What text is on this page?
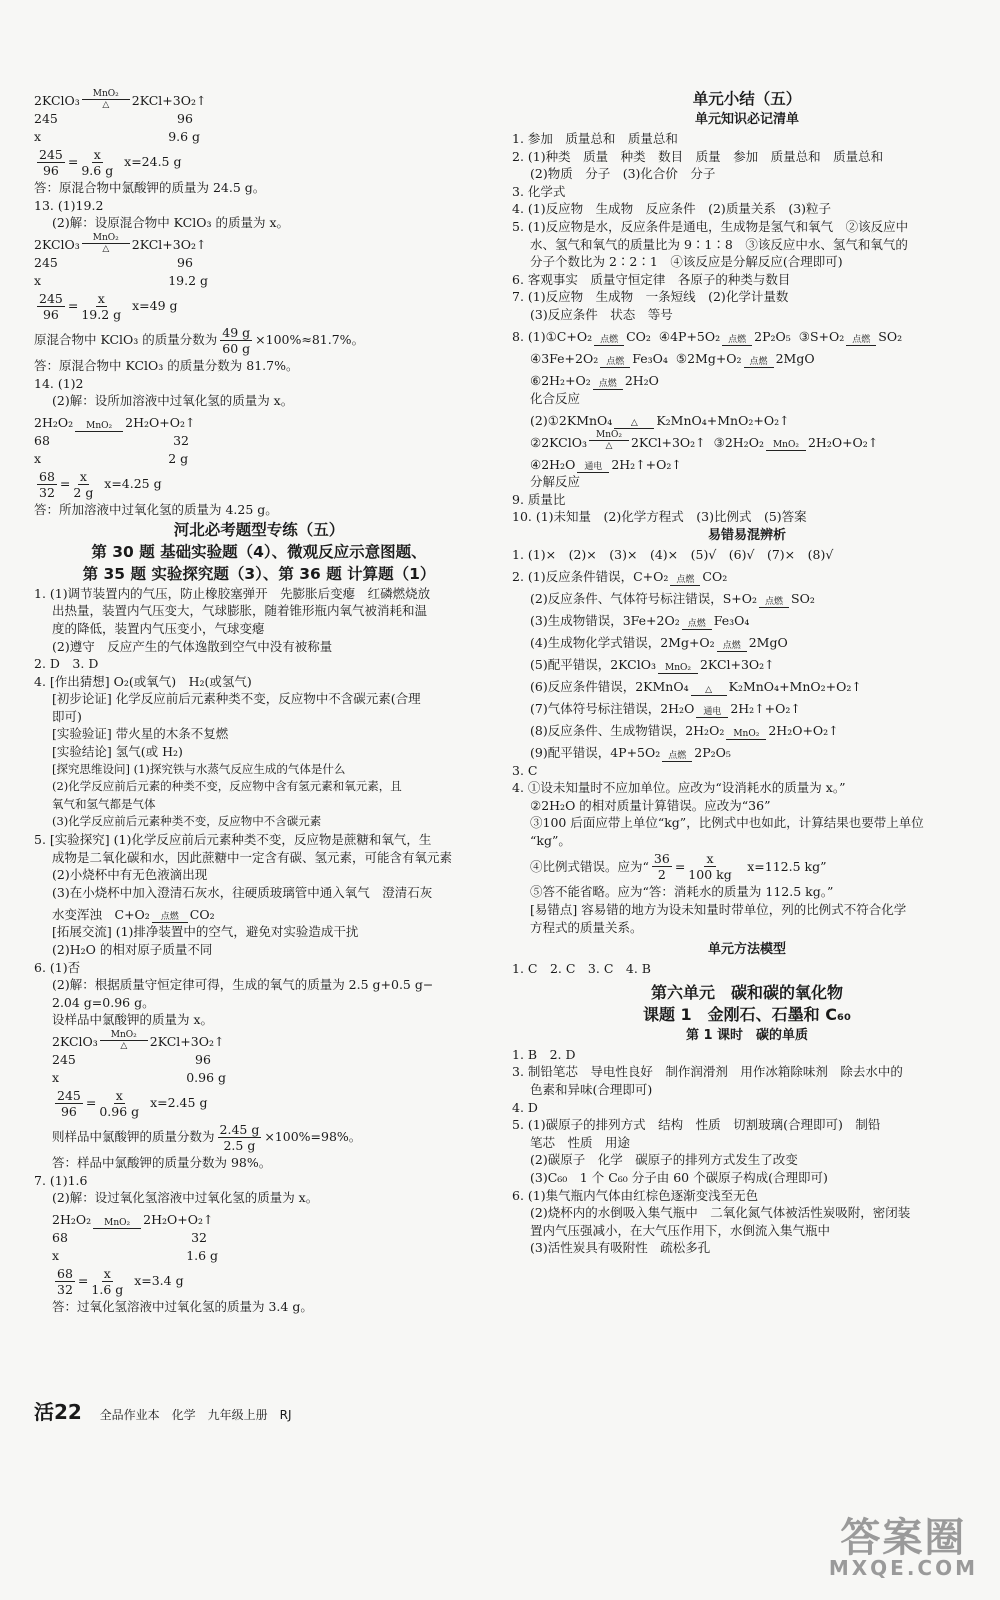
2KClO₃ MnO₂
△ 2KCl+3O₂↑
245                              96
x                                9.6 g
$\frac{245}{96} = \frac{x}{9.6 g}$
x=24.5 g
答：原混合物中氯酸钾的质量为 24.5 g。
13. (1)19.2
(2)解：设原混合物中 KClO₃ 的质量为 x。
2KClO₃ MnO₂
△ 2KCl+3O₂↑
245                              96
x                                19.2 g
$\frac{245}{96} = \frac{x}{19.2 g}$
x=49 g
原混合物中 KClO₃ 的质量分数为 $\frac{49 g}{60 g} \times 100\%\approx 81.7\%$。
答：原混合物中 KClO₃ 的质量分数为 81.7%。
14. (1)2
(2)解：设所加溶液中过氧化氢的质量为 x。
2H₂O₂ MnO₂ 2H₂O+O₂↑
68                               32
x                                2 g
$\frac{68}{32} = \frac{x}{2 g}$
x=4.25 g
答：所加溶液中过氧化氢的质量为 4.25 g。
河北必考题型专练（五）
第 30 题 基础实验题（4）、微观反应示意图题、
第 35 题 实验探究题（3）、第 36 题 计算题（1）
1. (1)调节装置内的气压，防止橡胶塞弹开　先膨胀后变瘪　红磷燃烧放
出热量，装置内气压变大，气球膨胀，随着锥形瓶内氧气被消耗和温
度的降低，装置内气压变小，气球变瘪
(2)遵守　反应产生的气体逸散到空气中没有被称量
2. D　3. D
4. [作出猜想] O₂(或氧气)　H₂(或氢气)
[初步论证] 化学反应前后元素种类不变，反应物中不含碳元素(合理
即可)
[实验验证] 带火星的木条不复燃
[实验结论] 氢气(或 H₂)
[探究思维设问] (1)探究铁与水蒸气反应生成的气体是什么
(2)化学反应前后元素的种类不变，反应物中含有氢元素和氧元素，且
氧气和氢气都是气体
(3)化学反应前后元素种类不变，反应物中不含碳元素
5. [实验探究] (1)化学反应前后元素种类不变，反应物是蔗糖和氧气，生
成物是二氧化碳和水，因此蔗糖中一定含有碳、氢元素，可能含有氧元素
(2)小烧杯中有无色液滴出现
(3)在小烧杯中加入澄清石灰水，往硬质玻璃管中通入氧气　澄清石灰
水变浑浊　C+O₂ 点燃 CO₂
[拓展交流] (1)排净装置中的空气，避免对实验造成干扰
(2)H₂O 的相对原子质量不同
6. (1)否
(2)解：根据质量守恒定律可得，生成的氧气的质量为 2.5 g+0.5 g−
2.04 g=0.96 g。
设样品中氯酸钾的质量为 x。
2KClO₃ MnO₂
△ 2KCl+3O₂↑
245                              96
x                                0.96 g
$\frac{245}{96} = \frac{x}{0.96 g}$
x=2.45 g
则样品中氯酸钾的质量分数为 $\frac{2.45 g}{2.5 g} \times 100\%=98\%$。
答：样品中氯酸钾的质量分数为 98%。
7. (1)1.6
(2)解：设过氧化氢溶液中过氧化氢的质量为 x。
2H₂O₂ MnO₂ 2H₂O+O₂↑
68                               32
x                                1.6 g
$\frac{68}{32} = \frac{x}{1.6 g}$
x=3.4 g
答：过氧化氢溶液中过氧化氢的质量为 3.4 g。
单元小结（五）
单元知识必记清单
1. 参加　质量总和　质量总和
2. (1)种类　质量　种类　数目　质量　参加　质量总和　质量总和
(2)物质　分子　(3)化合价　分子
3. 化学式
4. (1)反应物　生成物　反应条件　(2)质量关系　(3)粒子
5. (1)反应物是水，反应条件是通电，生成物是氢气和氧气　②该反应中
水、氢气和氧气的质量比为 9∶1∶8　③该反应中水、氢气和氧气的
分子个数比为 2∶2∶1　④该反应是分解反应(合理即可)
6. 客观事实　质量守恒定律　各原子的种类与数目
7. (1)反应物　生成物　一条短线　(2)化学计量数
(3)反应条件　状态　等号
8. (1)①C+O₂ 点燃 CO₂
④4P+5O₂ 点燃 2P₂O₅
③S+O₂ 点燃 SO₂
④3Fe+2O₂ 点燃 Fe₃O₄
⑤2Mg+O₂ 点燃 2MgO
⑥2H₂+O₂ 点燃 2H₂O
化合反应
(2)①2KMnO₄ △ K₂MnO₄+MnO₂+O₂↑
②2KClO₃ MnO₂
△ 2KCl+3O₂↑
③2H₂O₂ MnO₂ 2H₂O+O₂↑
④2H₂O 通电 2H₂↑+O₂↑
分解反应
9. 质量比
10. (1)未知量　(2)化学方程式　(3)比例式　(5)答案
易错易混辨析
1. (1)×　(2)×　(3)×　(4)×　(5)√　(6)√　(7)×　(8)√
2. (1)反应条件错误，C+O₂ 点燃 CO₂
(2)反应条件、气体符号标注错误，S+O₂ 点燃 SO₂
(3)生成物错误，3Fe+2O₂ 点燃 Fe₃O₄
(4)生成物化学式错误，2Mg+O₂ 点燃 2MgO
(5)配平错误，2KClO₃ MnO₂ 2KCl+3O₂↑
(6)反应条件错误，2KMnO₄ △ K₂MnO₄+MnO₂+O₂↑
(7)气体符号标注错误，2H₂O 通电 2H₂↑+O₂↑
(8)反应条件、生成物错误，2H₂O₂ MnO₂ 2H₂O+O₂↑
(9)配平错误，4P+5O₂ 点燃 2P₂O₅
3. C
4. ①设未知量时不应加单位。应改为“设消耗水的质量为 x。”
②2H₂O 的相对质量计算错误。应改为“36”
③100 后面应带上单位“kg”，比例式中也如此，计算结果也要带上单位
“kg”。
④比例式错误。应为“ $\frac{36}{2} = \frac{x}{100 kg}$ 　x=112.5 kg”
⑤答不能省略。应为“答：消耗水的质量为 112.5 kg。”
[易错点] 容易错的地方为设未知量时带单位，列的比例式不符合化学
方程式的质量关系。
单元方法模型
1. C　2. C　3. C　4. B
第六单元　碳和碳的氧化物
课题 1　金刚石、石墨和 C₆₀
第 1 课时　碳的单质
1. B　2. D
3. 制铅笔芯　导电性良好　制作润滑剂　用作冰箱除味剂　除去水中的
色素和异味(合理即可)
4. D
5. (1)碳原子的排列方式　结构　性质　切割玻璃(合理即可)　制铅
笔芯　性质　用途
(2)碳原子　化学　碳原子的排列方式发生了改变
(3)C₆₀　1 个 C₆₀ 分子由 60 个碳原子构成(合理即可)
6. (1)集气瓶内气体由红棕色逐渐变浅至无色
(2)烧杯内的水倒吸入集气瓶中　二氧化氮气体被活性炭吸附，密闭装
置内气压强减小，在大气压作用下，水倒流入集气瓶中
(3)活性炭具有吸附性　疏松多孔
活22 全品作业本　化学　九年级上册　RJ
答案圈
MXQE.COM
